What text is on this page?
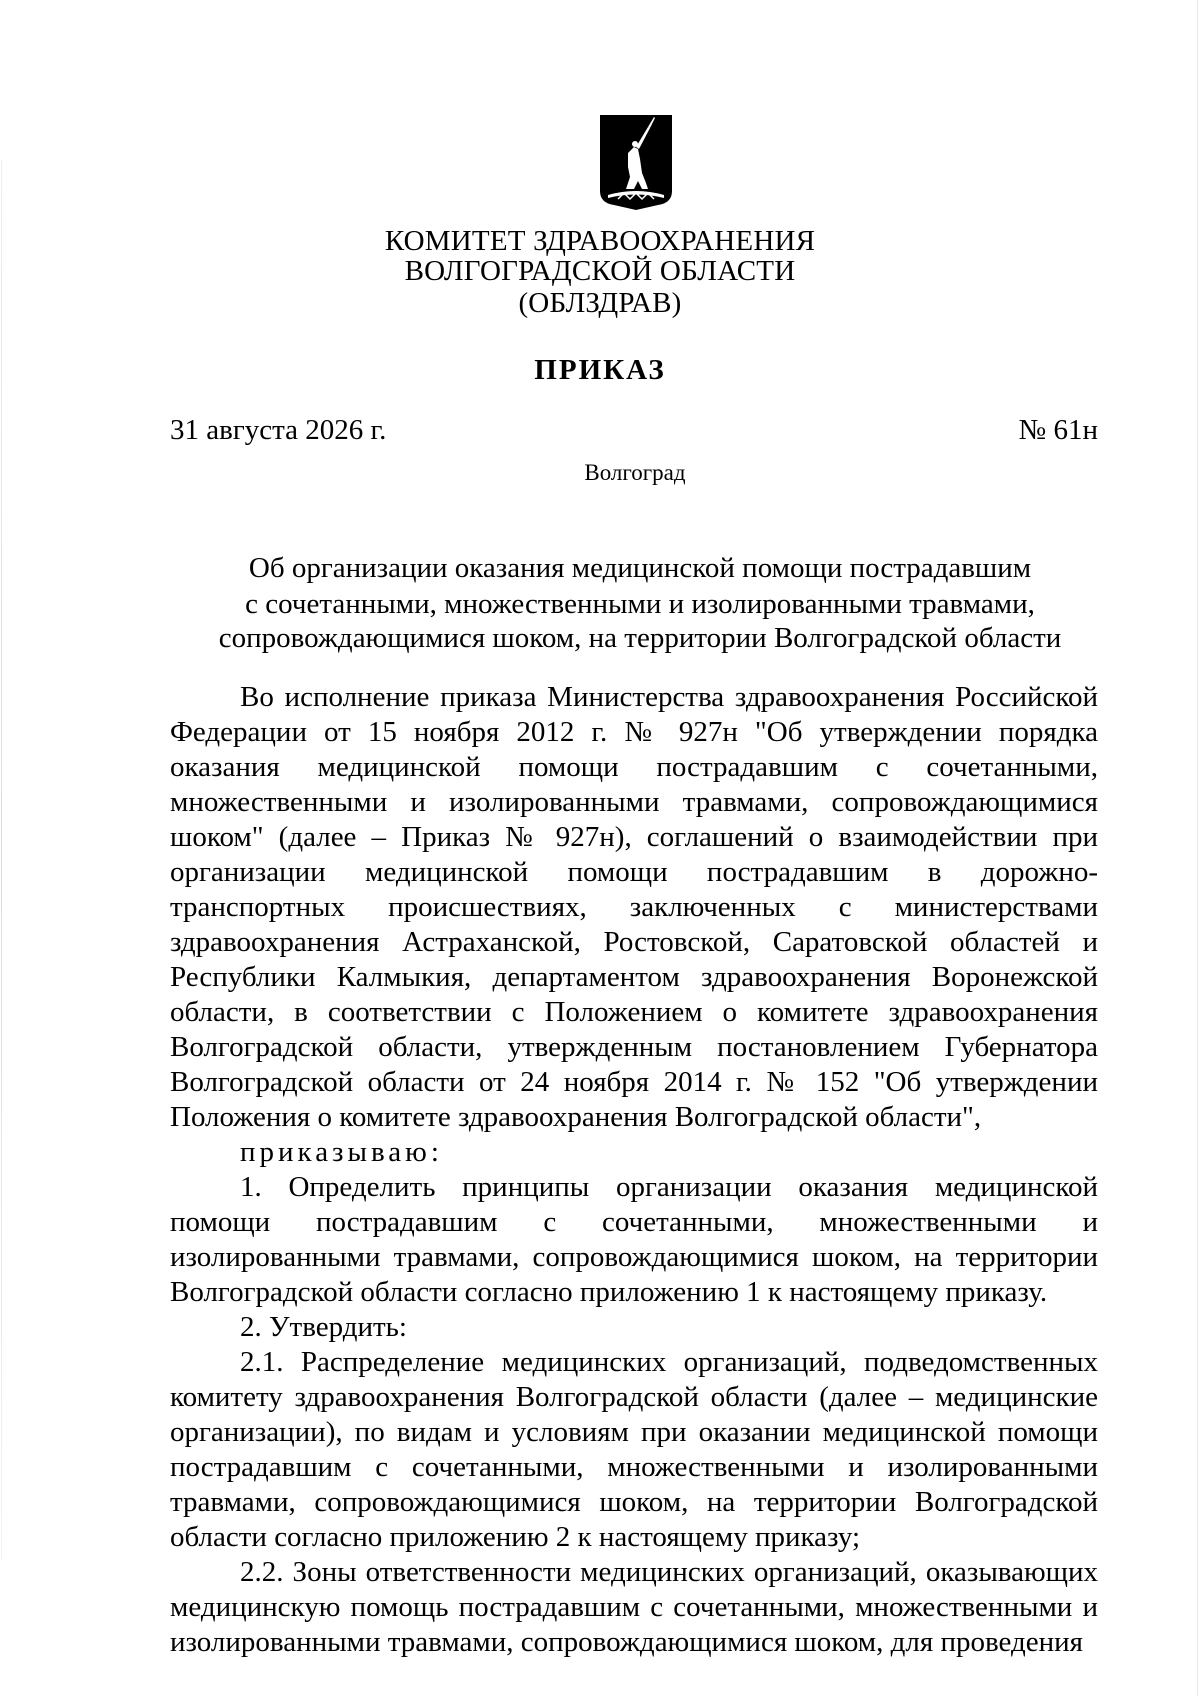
КОМИТЕТ ЗДРАВООХРАНЕНИЯ
ВОЛГОГРАДСКОЙ ОБЛАСТИ
(ОБЛЗДРАВ)
ПРИКАЗ
31 августа 2026 г.	№ 61н
Волгоград
Об организации оказания медицинской помощи пострадавшим
с сочетанными, множественными и изолированными травмами,
сопровождающимися шоком, на территории Волгоградской области

Во исполнение приказа Министерства здравоохранения Российской Федерации от 15 ноября 2012 г. № 927н "Об утверждении порядка оказания медицинской помощи пострадавшим с сочетанными, множественными и изолированными травмами, сопровождающимися шоком" (далее – Приказ № 927н), соглашений о взаимодействии при организации медицинской помощи пострадавшим в дорожно-транспортных происшествиях, заключенных с министерствами здравоохранения Астраханской, Ростовской, Саратовской областей и Республики Калмыкия, департаментом здравоохранения Воронежской области, в соответствии с Положением о комитете здравоохранения Волгоградской области, утвержденным постановлением Губернатора Волгоградской области от 24 ноября 2014 г. № 152 "Об утверждении Положения о комитете здравоохранения Волгоградской области",

приказываю:

1. Определить принципы организации оказания медицинской помощи пострадавшим с сочетанными, множественными и изолированными травмами, сопровождающимися шоком, на территории Волгоградской области согласно приложению 1 к настоящему приказу.

2. Утвердить:

2.1. Распределение медицинских организаций, подведомственных комитету здравоохранения Волгоградской области (далее – медицинские организации), по видам и условиям при оказании медицинской помощи пострадавшим с сочетанными, множественными и изолированными травмами, сопровождающимися шоком, на территории Волгоградской области согласно приложению 2 к настоящему приказу;

2.2. Зоны ответственности медицинских организаций, оказывающих медицинскую помощь пострадавшим с сочетанными, множественными и изолированными травмами, сопровождающимися шоком, для проведения
